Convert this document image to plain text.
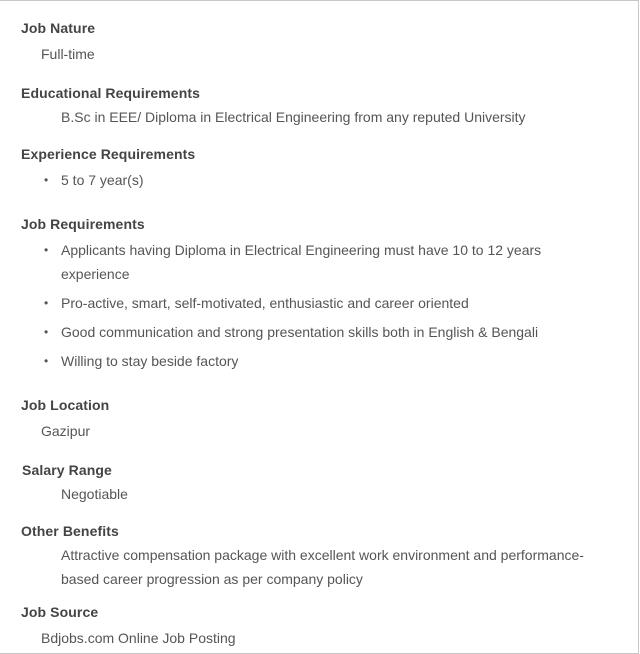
Job Nature
Full-time
Educational Requirements
B.Sc in EEE/ Diploma in Electrical Engineering from any reputed University
Experience Requirements
• 5 to 7 year(s)
Job Requirements
• Applicants having Diploma in Electrical Engineering must have 10 to 12 years experience
• Pro-active, smart, self-motivated, enthusiastic and career oriented
• Good communication and strong presentation skills both in English & Bengali
• Willing to stay beside factory
Job Location
Gazipur
Salary Range
Negotiable
Other Benefits
Attractive compensation package with excellent work environment and performance-based career progression as per company policy
Job Source
Bdjobs.com Online Job Posting
